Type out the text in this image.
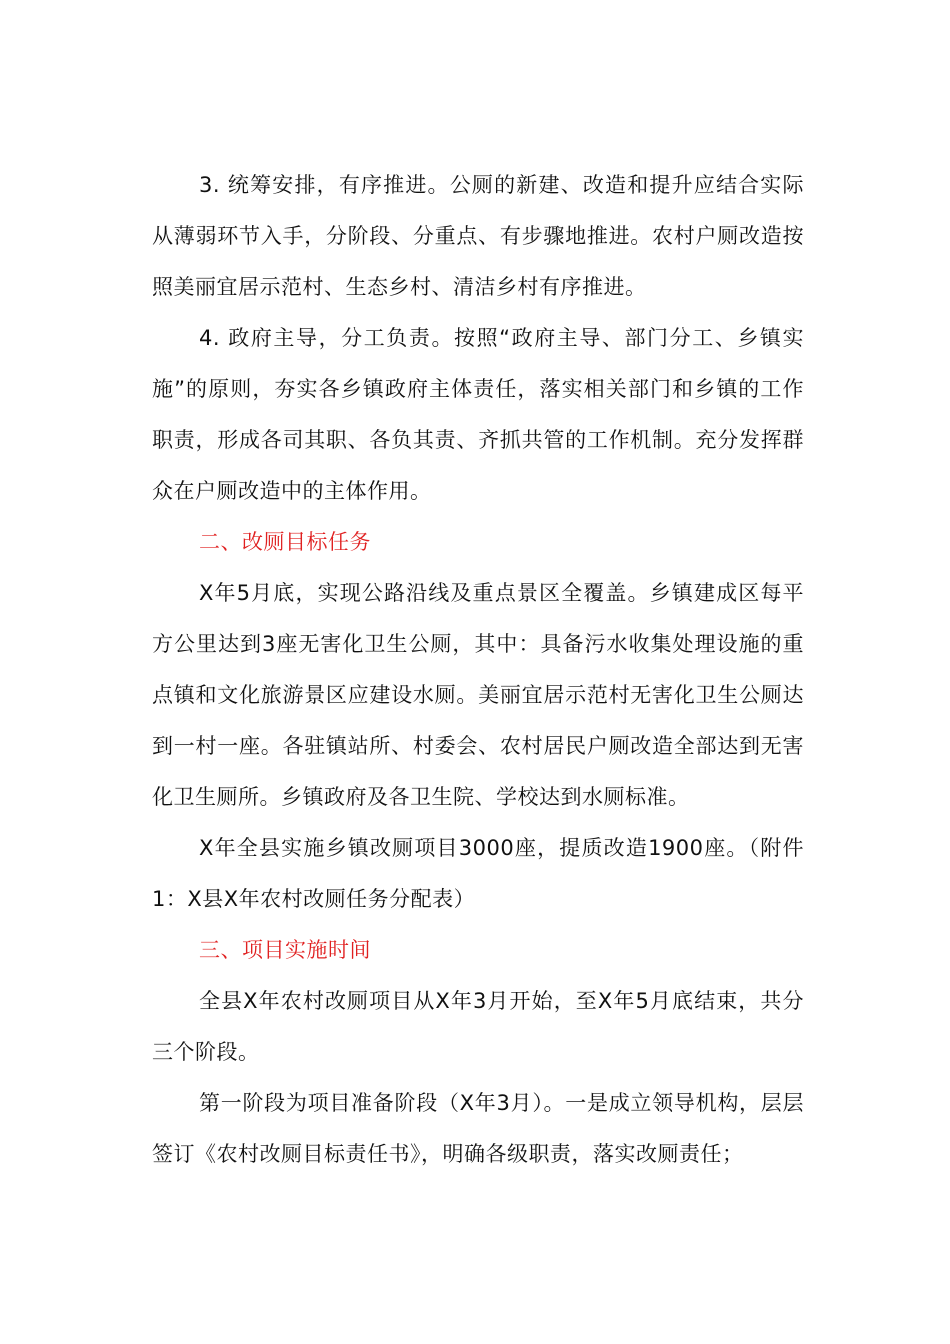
3. 统筹安排，有序推进。公厕的新建、改造和提升应结合实际从薄弱环节入手，分阶段、分重点、有步骤地推进。农村户厕改造按照美丽宜居示范村、生态乡村、清洁乡村有序推进。

4. 政府主导，分工负责。按照“政府主导、部门分工、乡镇实施”的原则，夯实各乡镇政府主体责任，落实相关部门和乡镇的工作职责，形成各司其职、各负其责、齐抓共管的工作机制。充分发挥群众在户厕改造中的主体作用。

二、改厕目标任务

X年5月底，实现公路沿线及重点景区全覆盖。乡镇建成区每平方公里达到3座无害化卫生公厕，其中：具备污水收集处理设施的重点镇和文化旅游景区应建设水厕。美丽宜居示范村无害化卫生公厕达到一村一座。各驻镇站所、村委会、农村居民户厕改造全部达到无害化卫生厕所。乡镇政府及各卫生院、学校达到水厕标准。

X年全县实施乡镇改厕项目3000座，提质改造1900座。（附件1：X县X年农村改厕任务分配表）

三、项目实施时间

全县X年农村改厕项目从X年3月开始，至X年5月底结束，共分三个阶段。

第一阶段为项目准备阶段（X年3月）。一是成立领导机构，层层签订《农村改厕目标责任书》，明确各级职责，落实改厕责任；
